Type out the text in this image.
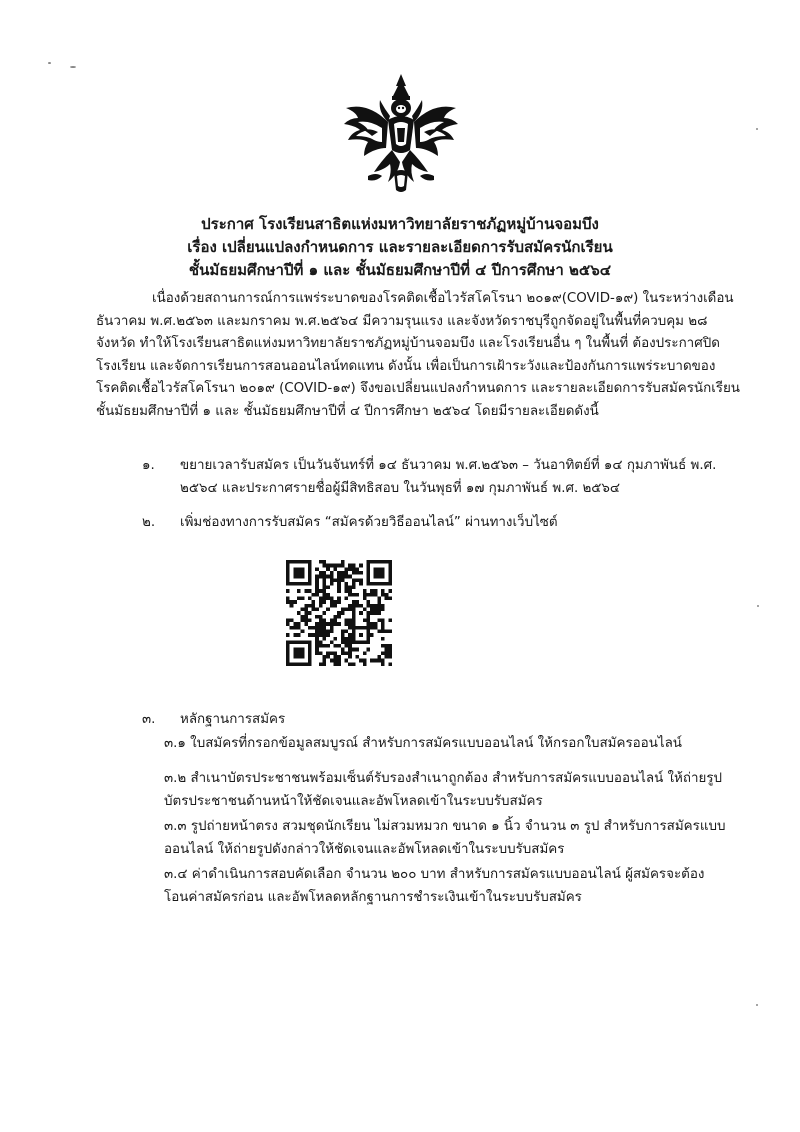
ประกาศ โรงเรียนสาธิตแห่งมหาวิทยาลัยราชภัฏหมู่บ้านจอมบึง
เรื่อง เปลี่ยนแปลงกำหนดการ และรายละเอียดการรับสมัครนักเรียน
ชั้นมัธยมศึกษาปีที่ ๑ และ ชั้นมัธยมศึกษาปีที่ ๔ ปีการศึกษา ๒๕๖๔
เนื่องด้วยสถานการณ์การแพร่ระบาดของโรคติดเชื้อไวรัสโคโรนา ๒๐๑๙(COVID-๑๙) ในระหว่างเดือน
ธันวาคม พ.ศ.๒๕๖๓ และมกราคม พ.ศ.๒๕๖๔ มีความรุนแรง และจังหวัดราชบุรีถูกจัดอยู่ในพื้นที่ควบคุม ๒๘
จังหวัด ทำให้โรงเรียนสาธิตแห่งมหาวิทยาลัยราชภัฏหมู่บ้านจอมบึง และโรงเรียนอื่น ๆ ในพื้นที่ ต้องประกาศปิด
โรงเรียน และจัดการเรียนการสอนออนไลน์ทดแทน ดังนั้น เพื่อเป็นการเฝ้าระวังและป้องกันการแพร่ระบาดของ
โรคติดเชื้อไวรัสโคโรนา ๒๐๑๙ (COVID-๑๙) จึงขอเปลี่ยนแปลงกำหนดการ และรายละเอียดการรับสมัครนักเรียน
ชั้นมัธยมศึกษาปีที่ ๑ และ ชั้นมัธยมศึกษาปีที่ ๔ ปีการศึกษา ๒๕๖๔ โดยมีรายละเอียดดังนี้
๑. ขยายเวลารับสมัคร เป็นวันจันทร์ที่ ๑๔ ธันวาคม พ.ศ.๒๕๖๓ – วันอาทิตย์ที่ ๑๔ กุมภาพันธ์ พ.ศ.
๒๕๖๔ และประกาศรายชื่อผู้มีสิทธิสอบ ในวันพุธที่ ๑๗ กุมภาพันธ์ พ.ศ. ๒๕๖๔
๒. เพิ่มช่องทางการรับสมัคร “สมัครด้วยวิธีออนไลน์” ผ่านทางเว็บไซต์
๓. หลักฐานการสมัคร
๓.๑ ใบสมัครที่กรอกข้อมูลสมบูรณ์ สำหรับการสมัครแบบออนไลน์ ให้กรอกใบสมัครออนไลน์
๓.๒ สำเนาบัตรประชาชนพร้อมเซ็นต์รับรองสำเนาถูกต้อง สำหรับการสมัครแบบออนไลน์ ให้ถ่ายรูป
บัตรประชาชนด้านหน้าให้ชัดเจนและอัพโหลดเข้าในระบบรับสมัคร
๓.๓ รูปถ่ายหน้าตรง สวมชุดนักเรียน ไม่สวมหมวก ขนาด ๑ นิ้ว จำนวน ๓ รูป สำหรับการสมัครแบบ
ออนไลน์ ให้ถ่ายรูปดังกล่าวให้ชัดเจนและอัพโหลดเข้าในระบบรับสมัคร
๓.๔ ค่าดำเนินการสอบคัดเลือก จำนวน ๒๐๐ บาท สำหรับการสมัครแบบออนไลน์ ผู้สมัครจะต้อง
โอนค่าสมัครก่อน และอัพโหลดหลักฐานการชำระเงินเข้าในระบบรับสมัคร
